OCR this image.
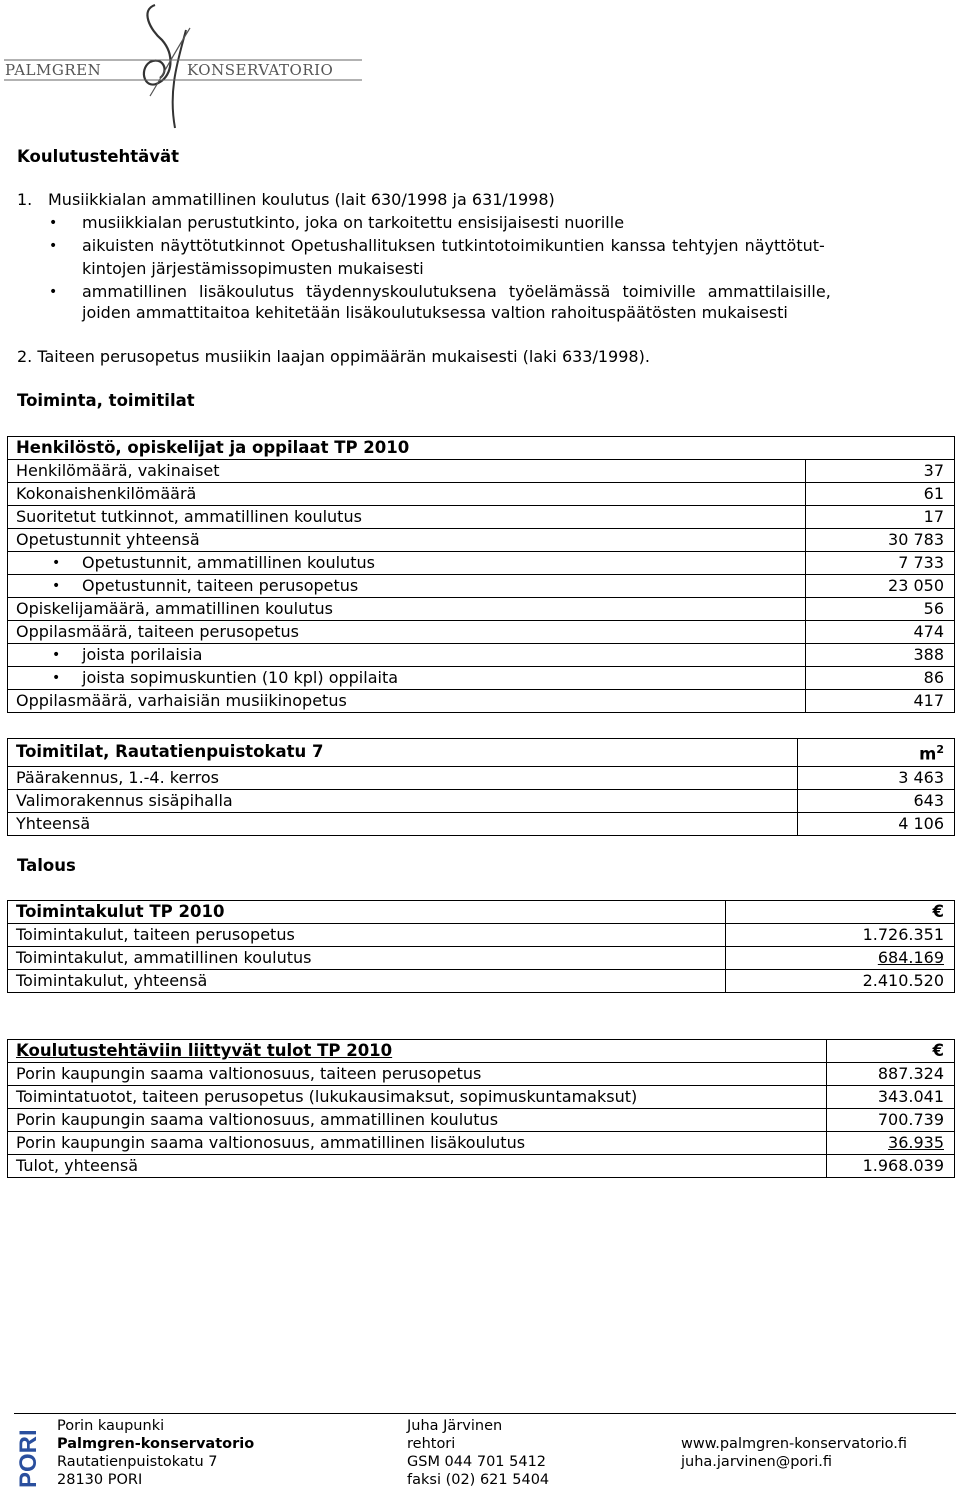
PALMGREN	KONSERVATORIO
Koulutustehtävät
1. Musiikkialan ammatillinen koulutus (lait 630/1998 ja 631/1998)
• musiikkialan perustutkinto, joka on tarkoitettu ensisijaisesti nuorille
• aikuisten näyttötutkinnot Opetushallituksen tutkintotoimikuntien kanssa tehtyjen näyttötut-
kintojen järjestämissopimusten mukaisesti
• ammatillinen lisäkoulutus täydennyskoulutuksena työelämässä toimiville ammattilaisille,
joiden ammattitaitoa kehitetään lisäkoulutuksessa valtion rahoituspäätösten mukaisesti
2. Taiteen perusopetus musiikin laajan oppimäärän mukaisesti (laki 633/1998).
Toiminta, toimitilat
Henkilöstö, opiskelijat ja oppilaat TP 2010	
Henkilömäärä, vakinaiset	37
Kokonaishenkilömäärä	61
Suoritetut tutkinnot, ammatillinen koulutus	17
Opetustunnit yhteensä	30 783
• Opetustunnit, ammatillinen koulutus	7 733
• Opetustunnit, taiteen perusopetus	23 050
Opiskelijamäärä, ammatillinen koulutus	56
Oppilasmäärä, taiteen perusopetus	474
• joista porilaisia	388
• joista sopimuskuntien (10 kpl) oppilaita	86
Oppilasmäärä, varhaisiän musiikinopetus	417
Toimitilat, Rautatienpuistokatu 7	$m^2$
Päärakennus, 1.-4. kerros	3 463
Valimorakennus sisäpihalla	643
Yhteensä	4 106
Talous
Toimintakulut TP 2010	€
Toimintakulut, taiteen perusopetus	1.726.351
Toimintakulut, ammatillinen koulutus	684.169
Toimintakulut, yhteensä	2.410.520
Koulutustehtäviin liittyvät tulot TP 2010	€
Porin kaupungin saama valtionosuus, taiteen perusopetus	887.324
Toimintatuotot, taiteen perusopetus (lukukausimaksut, sopimuskuntamaksut)	343.041
Porin kaupungin saama valtionosuus, ammatillinen koulutus	700.739
Porin kaupungin saama valtionosuus, ammatillinen lisäkoulutus	36.935
Tulot, yhteensä	1.968.039
PORI
Porin kaupunki
Palmgren-konservatorio
Rautatienpuistokatu 7
28130 PORI
Juha Järvinen
rehtori
GSM 044 701 5412
faksi (02) 621 5404
www.palmgren-konservatorio.fi
juha.jarvinen@pori.fi
